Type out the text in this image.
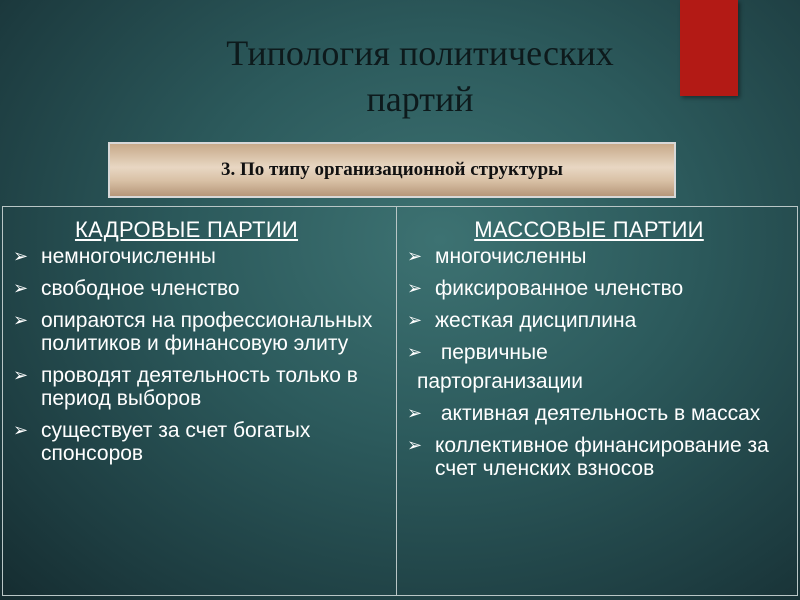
Типология политических
партий
3. По типу организационной структуры
КАДРОВЫЕ ПАРТИИ
➢ немногочисленны
➢ свободное членство
➢ опираются на профессиональных политиков и финансовую элиту
➢ проводят деятельность только в период выборов
➢ существует за счет богатых спонсоров
МАССОВЫЕ ПАРТИИ
➢ многочисленны
➢ фиксированное членство
➢ жесткая дисциплина
➢ первичные
парторганизации
➢ активная деятельность в массах
➢ коллективное финансирование за счет членских взносов
